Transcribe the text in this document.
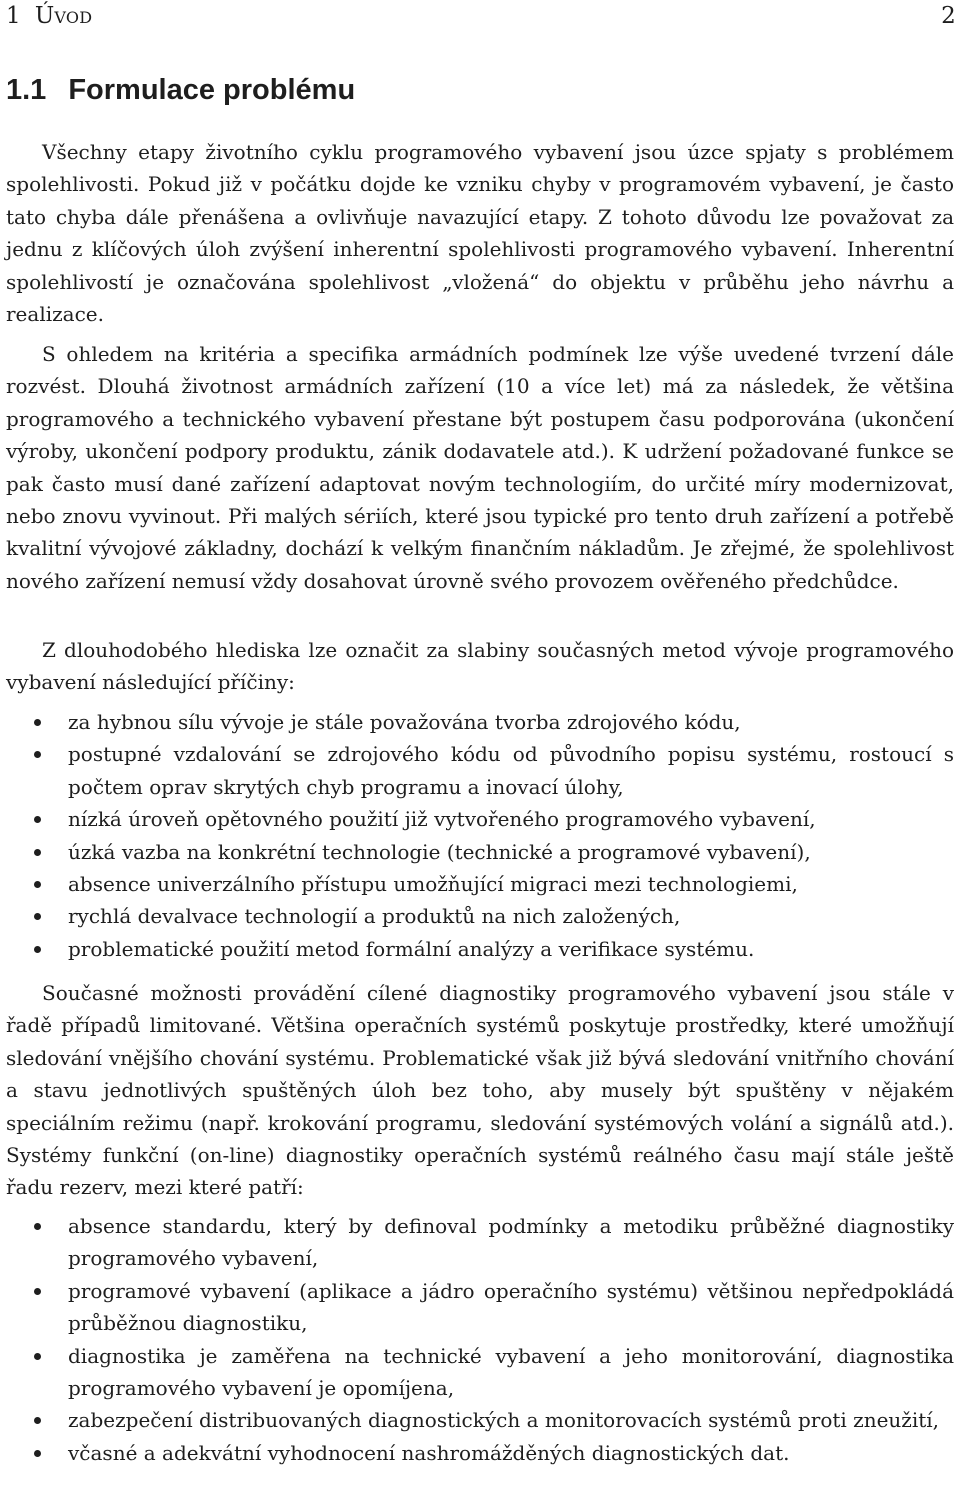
1 Úvod	2
1.1 Formulace problému

Všechny etapy životního cyklu programového vybavení jsou úzce spjaty s problémem spolehlivosti. Pokud již v počátku dojde ke vzniku chyby v programovém vybavení, je často tato chyba dále přenášena a ovlivňuje navazující etapy. Z tohoto důvodu lze považovat za jednu z klíčových úloh zvýšení inherentní spolehlivosti programového vybavení. Inherentní spolehlivostí je označována spolehlivost „vložená“ do objektu v průběhu jeho návrhu a realizace.

S ohledem na kritéria a specifika armádních podmínek lze výše uvedené tvrzení dále rozvést. Dlouhá životnost armádních zařízení (10 a více let) má za následek, že většina programového a technického vybavení přestane být postupem času podporována (ukončení výroby, ukončení podpory produktu, zánik dodavatele atd.). K udržení požadované funkce se pak často musí dané zařízení adaptovat novým technologiím, do určité míry modernizovat, nebo znovu vyvinout. Při malých sériích, které jsou typické pro tento druh zařízení a potřebě kvalitní vývojové základny, dochází k velkým finančním nákladům. Je zřejmé, že spolehlivost nového zařízení nemusí vždy dosahovat úrovně svého provozem ověřeného předchůdce.

Z dlouhodobého hlediska lze označit za slabiny současných metod vývoje programového vybavení následující příčiny:

za hybnou sílu vývoje je stále považována tvorba zdrojového kódu,
postupné vzdalování se zdrojového kódu od původního popisu systému, rostoucí s počtem oprav skrytých chyb programu a inovací úlohy,
nízká úroveň opětovného použití již vytvořeného programového vybavení,
úzká vazba na konkrétní technologie (technické a programové vybavení),
absence univerzálního přístupu umožňující migraci mezi technologiemi,
rychlá devalvace technologií a produktů na nich založených,
problematické použití metod formální analýzy a verifikace systému.

Současné možnosti provádění cílené diagnostiky programového vybavení jsou stále v řadě případů limitované. Většina operačních systémů poskytuje prostředky, které umožňují sledování vnějšího chování systému. Problematické však již bývá sledování vnitřního chování a stavu jednotlivých spuštěných úloh bez toho, aby musely být spuštěny v nějakém speciálním režimu (např. krokování programu, sledování systémových volání a signálů atd.). Systémy funkční (on-line) diagnostiky operačních systémů reálného času mají stále ještě řadu rezerv, mezi které patří:

absence standardu, který by definoval podmínky a metodiku průběžné diagnostiky programového vybavení,
programové vybavení (aplikace a jádro operačního systému) většinou nepředpokládá průběžnou diagnostiku,
diagnostika je zaměřena na technické vybavení a jeho monitorování, diagnostika programového vybavení je opomíjena,
zabezpečení distribuovaných diagnostických a monitorovacích systémů proti zneužití,
včasné a adekvátní vyhodnocení nashromážděných diagnostických dat.
